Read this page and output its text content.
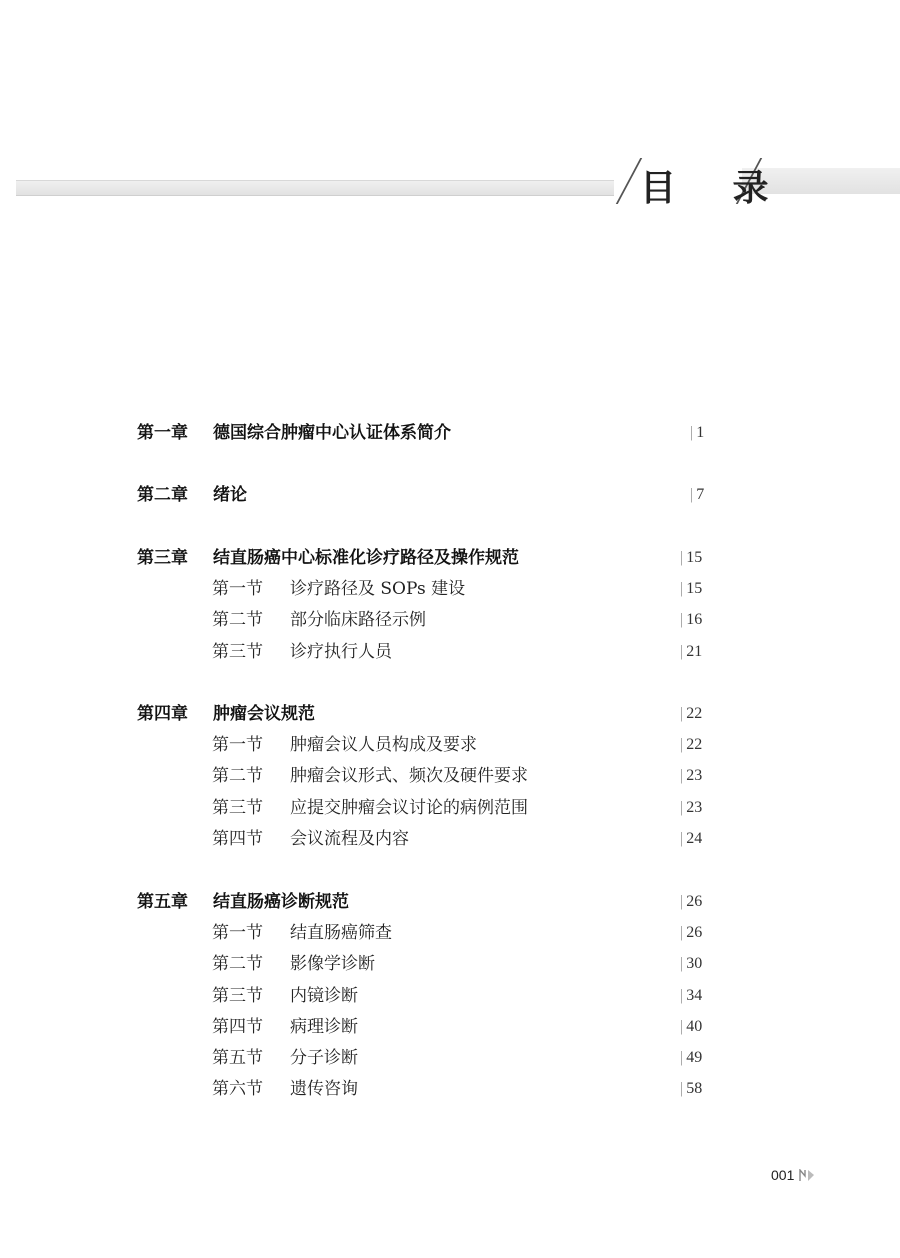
目 录
第一章 德国综合肿瘤中心认证体系简介	| 1
第二章 绪论	| 7
第三章 结直肠癌中心标准化诊疗路径及操作规范	| 15
第一节 诊疗路径及 SOPs 建设	| 15
第二节 部分临床路径示例	| 16
第三节 诊疗执行人员	| 21
第四章 肿瘤会议规范	| 22
第一节 肿瘤会议人员构成及要求	| 22
第二节 肿瘤会议形式、频次及硬件要求	| 23
第三节 应提交肿瘤会议讨论的病例范围	| 23
第四节 会议流程及内容	| 24
第五章 结直肠癌诊断规范	| 26
第一节 结直肠癌筛查	| 26
第二节 影像学诊断	| 30
第三节 内镜诊断	| 34
第四节 病理诊断	| 40
第五节 分子诊断	| 49
第六节 遗传咨询	| 58
001
